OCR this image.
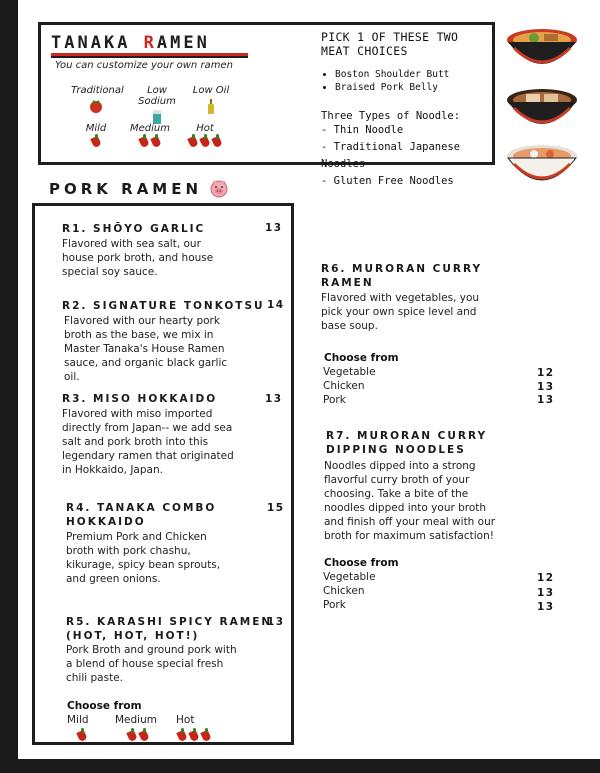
TANAKA RAMEN
You can customize your own ramen
Traditional	Low Sodium
Low Oil
Mild	Medium	Hot

PICK 1 OF THESE TWO MEAT CHOICES
• Boston Shoulder Butt
• Braised Pork Belly
Three Types of Noodle:
- Thin Noodle
- Traditional Japanese Noodles
- Gluten Free Noodles
PORK RAMEN
R1. SHŌYO GARLIC	13
Flavored with sea salt, our
house pork broth, and house
special soy sauce.
R2. SIGNATURE TONKOTSU 14
Flavored with our hearty pork
broth as the base, we mix in
Master Tanaka's House Ramen
sauce, and organic black garlic
oil.
R3. MISO HOKKAIDO	13
Flavored with miso imported
directly from Japan-- we add sea
salt and pork broth into this
legendary ramen that originated
in Hokkaido, Japan.
R4. TANAKA COMBO
HOKKAIDO
15
Premium Pork and Chicken
broth with pork chashu,
kikurage, spicy bean sprouts,
and green onions.
R5. KARASHI SPICY RAMEN
(HOT, HOT, HOT!)
13
Pork Broth and ground pork with
a blend of house special fresh
chili paste.
Choose from
Mild	Medium Hot
R6. MURORAN CURRY
RAMEN
Flavored with vegetables, you
pick your own spice level and
base soup.
Choose from
Vegetable	12
Chicken	13
Pork	13
R7. MURORAN CURRY
DIPPING NOODLES
Noodles dipped into a strong
flavorful curry broth of your
choosing. Take a bite of the
noodles dipped into your broth
and finish off your meal with our
broth for maximum satisfaction!
Choose from
Vegetable	12
Chicken	13
Pork	13
